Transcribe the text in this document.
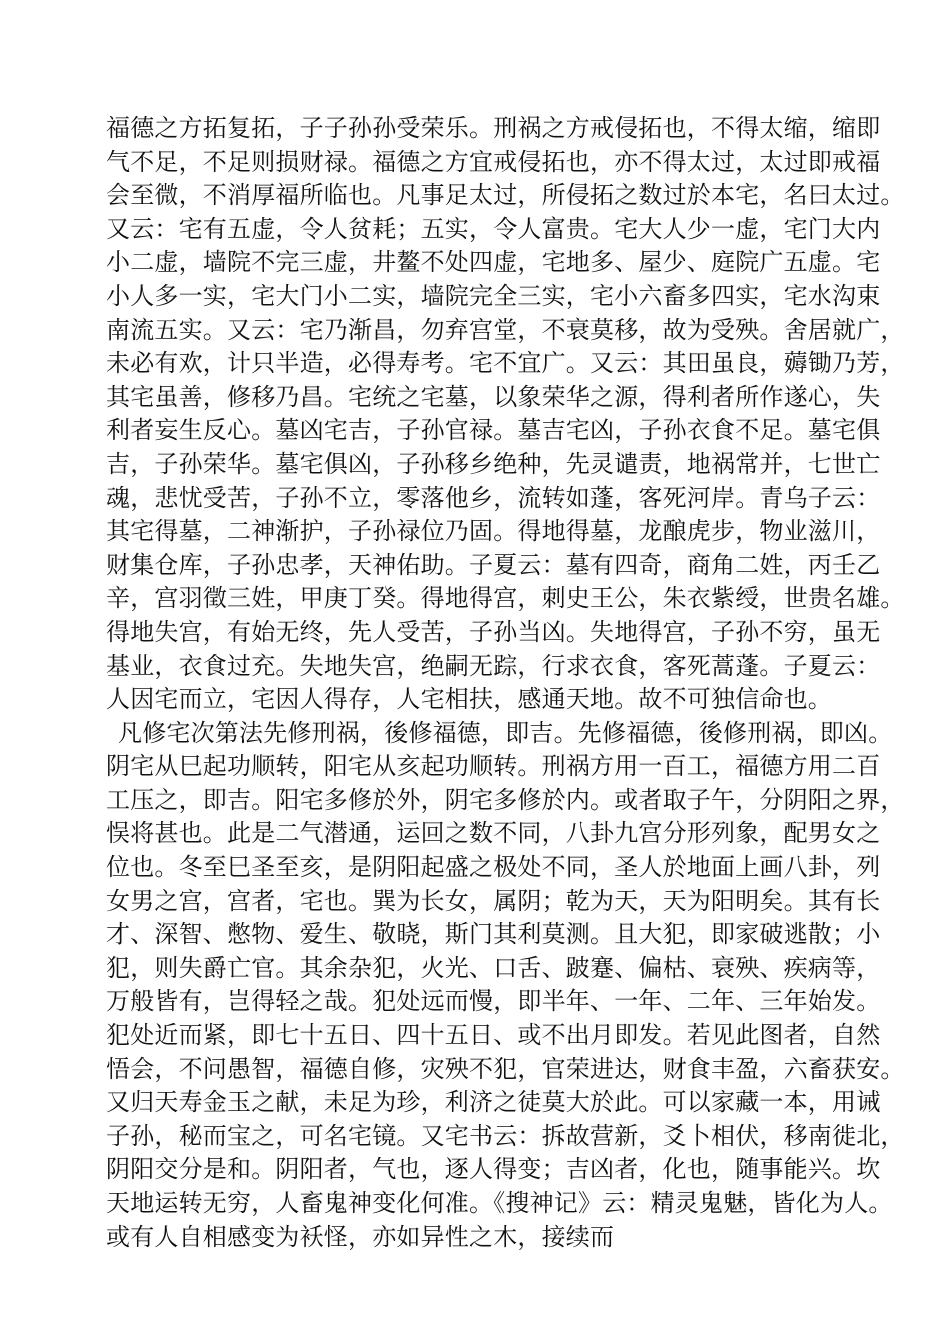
福德之方拓复拓，子子孙孙受荣乐。刑祸之方戒侵拓也，不得太缩，缩即
气不足，不足则损财禄。福德之方宜戒侵拓也，亦不得太过，太过即戒福
会至微，不消厚福所临也。凡事足太过，所侵拓之数过於本宅，名曰太过。
又云：宅有五虚，令人贫耗；五实，令人富贵。宅大人少一虚，宅门大内
小二虚，墙院不完三虚，井鳌不处四虚，宅地多、屋少、庭院广五虚。宅
小人多一实，宅大门小二实，墙院完全三实，宅小六畜多四实，宅水沟束
南流五实。又云：宅乃渐昌，勿弃宫堂，不衰莫移，故为受殃。舍居就广，
未必有欢，计只半造，必得寿考。宅不宜广。又云：其田虽良，薅锄乃芳，
其宅虽善，修移乃昌。宅统之宅墓，以象荣华之源，得利者所作遂心，失
利者妄生反心。墓凶宅吉，子孙官禄。墓吉宅凶，子孙衣食不足。墓宅俱
吉，子孙荣华。墓宅俱凶，子孙移乡绝种，先灵谴责，地祸常并，七世亡
魂，悲忧受苦，子孙不立，零落他乡，流转如蓬，客死河岸。青乌子云：
其宅得墓，二神渐护，子孙禄位乃固。得地得墓，龙酿虎步，物业滋川，
财集仓库，子孙忠孝，天神佑助。子夏云：墓有四奇，商角二姓，丙壬乙
辛，宫羽徵三姓，甲庚丁癸。得地得宫，刺史王公，朱衣紫绶，世贵名雄。
得地失宫，有始无终，先人受苦，子孙当凶。失地得宫，子孙不穷，虽无
基业，衣食过充。失地失宫，绝嗣无踪，行求衣食，客死蒿蓬。子夏云：
人因宅而立，宅因人得存，人宅相扶，感通天地。故不可独信命也。
凡修宅次第法先修刑祸，後修福德，即吉。先修福德，後修刑祸，即凶。
阴宅从巳起功顺转，阳宅从亥起功顺转。刑祸方用一百工，福德方用二百
工压之，即吉。阳宅多修於外，阴宅多修於内。或者取子午，分阴阳之界，
悮将甚也。此是二气潜通，运回之数不同，八卦九宫分形列象，配男女之
位也。冬至巳圣至亥，是阴阳起盛之极处不同，圣人於地面上画八卦，列
女男之宫，宫者，宅也。巽为长女，属阴；乾为天，天为阳明矣。其有长
才、深智、憋物、爱生、敬晓，斯门其利莫测。且大犯，即家破逃散；小
犯，则失爵亡官。其余杂犯，火光、口舌、跛蹇、偏枯、衰殃、疾病等，
万般皆有，岂得轻之哉。犯处远而慢，即半年、一年、二年、三年始发。
犯处近而紧，即七十五日、四十五日、或不出月即发。若见此图者，自然
悟会，不问愚智，福德自修，灾殃不犯，官荣进达，财食丰盈，六畜获安。
又归天寿金玉之献，未足为珍，利济之徒莫大於此。可以家藏一本，用诫
子孙，秘而宝之，可名宅镜。又宅书云：拆故营新，爻卜相伏，移南徙北，
阴阳交分是和。阴阳者，气也，逐人得变；吉凶者，化也，随事能兴。坎
天地运转无穷，人畜鬼神变化何准。《搜神记》云：精灵鬼魅，皆化为人。
或有人自相感变为袄怪，亦如异性之木，接续而
